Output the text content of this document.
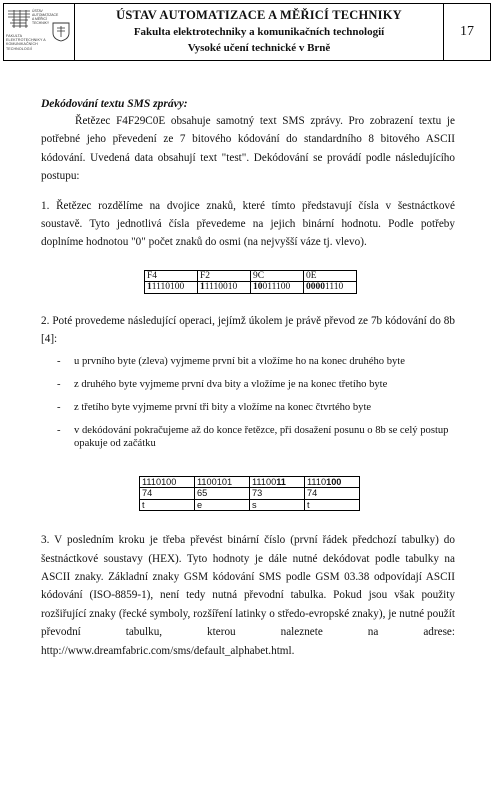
ÚSTAV AUTOMATIZACE A MĚŘICÍ TECHNIKY
FAKULTA ELEKTROTECHNIKY A KOMUNIKAČNÍCH TECHNOLOGIÍ
ÚSTAV AUTOMATIZACE A MĚŘICÍ TECHNIKY
Fakulta elektrotechniky a komunikačních technologií
Vysoké učení technické v Brně
17

Dekódování textu SMS zprávy:

Řetězec F4F29C0E obsahuje samotný text SMS zprávy. Pro zobrazení textu je potřebné jeho převedení ze 7 bitového kódování do standardního 8 bitového ASCII kódování. Uvedená data obsahují text "test". Dekódování se provádí podle následujícího postupu:

1. Řetězec rozdělíme na dvojice znaků, které tímto představují čísla v šestnáctkové soustavě. Tyto jednotlivá čísla převedeme na jejich binární hodnotu. Podle potřeby doplníme hodnotou "0" počet znaků do osmi (na nejvyšší váze tj. vlevo).

F4	F2	9C	0E
11110100	11110010	10011100	00001110

2. Poté provedeme následující operaci, jejímž úkolem je právě převod ze 7b kódování do 8b [4]:

- u prvního byte (zleva) vyjmeme první bit a vložíme ho na konec druhého byte
- z druhého byte vyjmeme první dva bity a vložíme je na konec třetího byte
- z třetího byte vyjmeme první tři bity a vložíme na konec čtvrtého byte
- v dekódování pokračujeme až do konce řetězce, při dosažení posunu o 8b se celý postup opakuje od začátku
1110100	1100101	1110011	1110100
74	65	73	74
t	e	s	t

3. V posledním kroku je třeba převést binární číslo (první řádek předchozí tabulky) do šestnáctkové soustavy (HEX). Tyto hodnoty je dále nutné dekódovat podle tabulky na ASCII znaky. Základní znaky GSM kódování SMS podle GSM 03.38 odpovídají ASCII kódování (ISO-8859-1), není tedy nutná převodní tabulka. Pokud jsou však použity rozšiřující znaky (řecké symboly, rozšíření latinky o středo-evropské znaky), je nutné použít převodní tabulku, kterou naleznete na adrese: http://www.dreamfabric.com/sms/default_alphabet.html.
